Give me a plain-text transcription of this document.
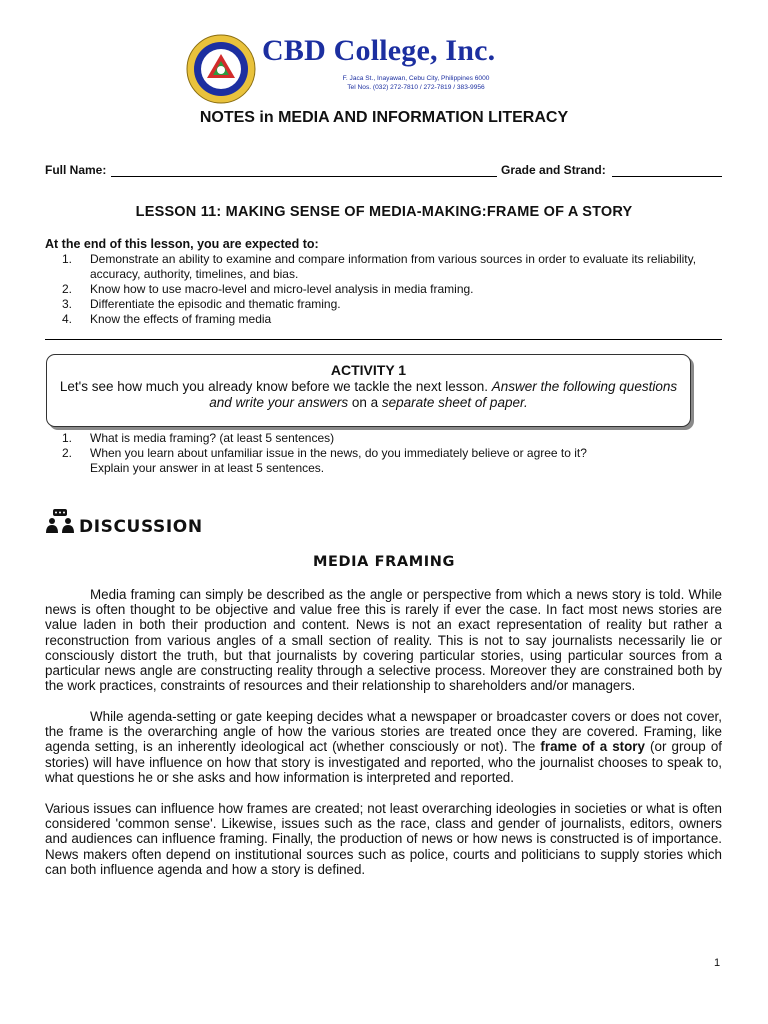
CBD College, Inc.
F. Jaca St., Inayawan, Cebu City, Philippines 6000
Tel Nos. (032) 272-7810 / 272-7819 / 383-9956
NOTES in MEDIA AND INFORMATION LITERACY
Full Name:	Grade and Strand:
LESSON 11: MAKING SENSE OF MEDIA-MAKING:FRAME OF A STORY
At the end of this lesson, you are expected to:
1.	Demonstrate an ability to examine and compare information from various sources in order to evaluate its reliability, accuracy, authority, timelines, and bias.
2.	Know how to use macro-level and micro-level analysis in media framing.
3.	Differentiate the episodic and thematic framing.
4.	Know the effects of framing media
ACTIVITY 1
Let's see how much you already know before we tackle the next lesson. Answer the following questions and write your answers on a separate sheet of paper.
1.	What is media framing? (at least 5 sentences)
2.	When you learn about unfamiliar issue in the news, do you immediately believe or agree to it? Explain your answer in at least 5 sentences.
DISCUSSION
MEDIA FRAMING
Media framing can simply be described as the angle or perspective from which a news story is told. While news is often thought to be objective and value free this is rarely if ever the case. In fact most news stories are value laden in both their production and content. News is not an exact representation of reality but rather a reconstruction from various angles of a small section of reality. This is not to say journalists necessarily lie or consciously distort the truth, but that journalists by covering particular stories, using particular sources from a particular news angle are constructing reality through a selective process. Moreover they are constrained both by the work practices, constraints of resources and their relationship to shareholders and/or managers.
While agenda-setting or gate keeping decides what a newspaper or broadcaster covers or does not cover, the frame is the overarching angle of how the various stories are treated once they are covered. Framing, like agenda setting, is an inherently ideological act (whether consciously or not). The frame of a story (or group of stories) will have influence on how that story is investigated and reported, who the journalist chooses to speak to, what questions he or she asks and how information is interpreted and reported.
Various issues can influence how frames are created; not least overarching ideologies in societies or what is often considered 'common sense'. Likewise, issues such as the race, class and gender of journalists, editors, owners and audiences can influence framing. Finally, the production of news or how news is constructed is of importance. News makers often depend on institutional sources such as police, courts and politicians to supply stories which can both influence agenda and how a story is defined.
1
